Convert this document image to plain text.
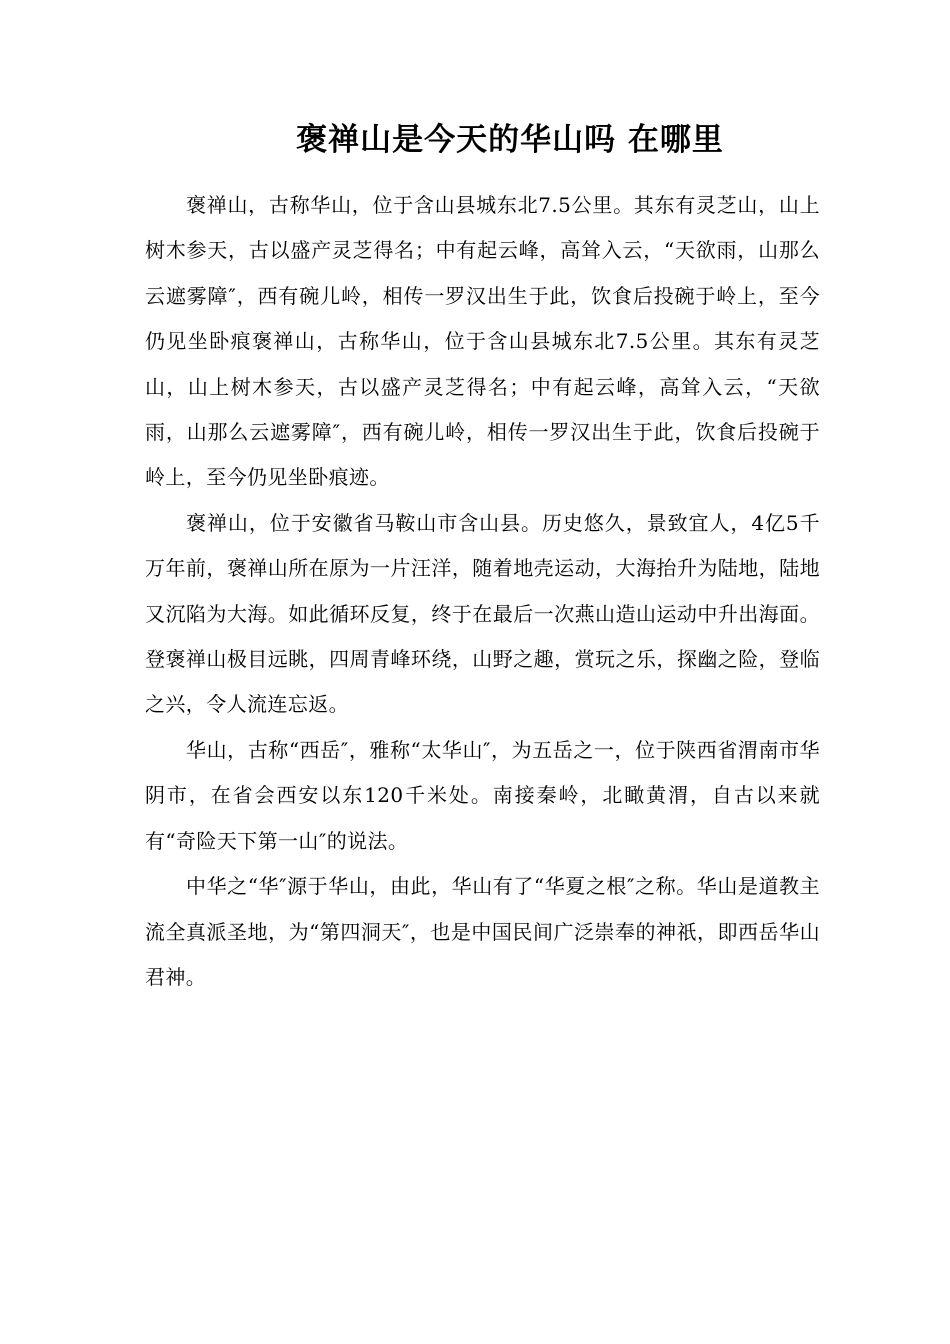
褒禅山是今天的华山吗 在哪里

褒禅山，古称华山，位于含山县城东北7.5公里。其东有灵芝山，山上树木参天，古以盛产灵芝得名；中有起云峰，高耸入云，“天欲雨，山那么云遮雾障″，西有碗儿岭，相传一罗汉出生于此，饮食后投碗于岭上，至今仍见坐卧痕褒禅山，古称华山，位于含山县城东北7.5公里。其东有灵芝山，山上树木参天，古以盛产灵芝得名；中有起云峰，高耸入云，“天欲雨，山那么云遮雾障″，西有碗儿岭，相传一罗汉出生于此，饮食后投碗于岭上，至今仍见坐卧痕迹。

褒禅山，位于安徽省马鞍山市含山县。历史悠久，景致宜人，4亿5千万年前，褒禅山所在原为一片汪洋，随着地壳运动，大海抬升为陆地，陆地又沉陷为大海。如此循环反复，终于在最后一次燕山造山运动中升出海面。登褒禅山极目远眺，四周青峰环绕，山野之趣，赏玩之乐，探幽之险，登临之兴，令人流连忘返。

华山，古称“西岳″，雅称“太华山″，为五岳之一，位于陕西省渭南市华阴市，在省会西安以东120千米处。南接秦岭，北瞰黄渭，自古以来就有“奇险天下第一山″的说法。

中华之“华″源于华山，由此，华山有了“华夏之根″之称。华山是道教主流全真派圣地，为“第四洞天″，也是中国民间广泛崇奉的神祇，即西岳华山君神。
